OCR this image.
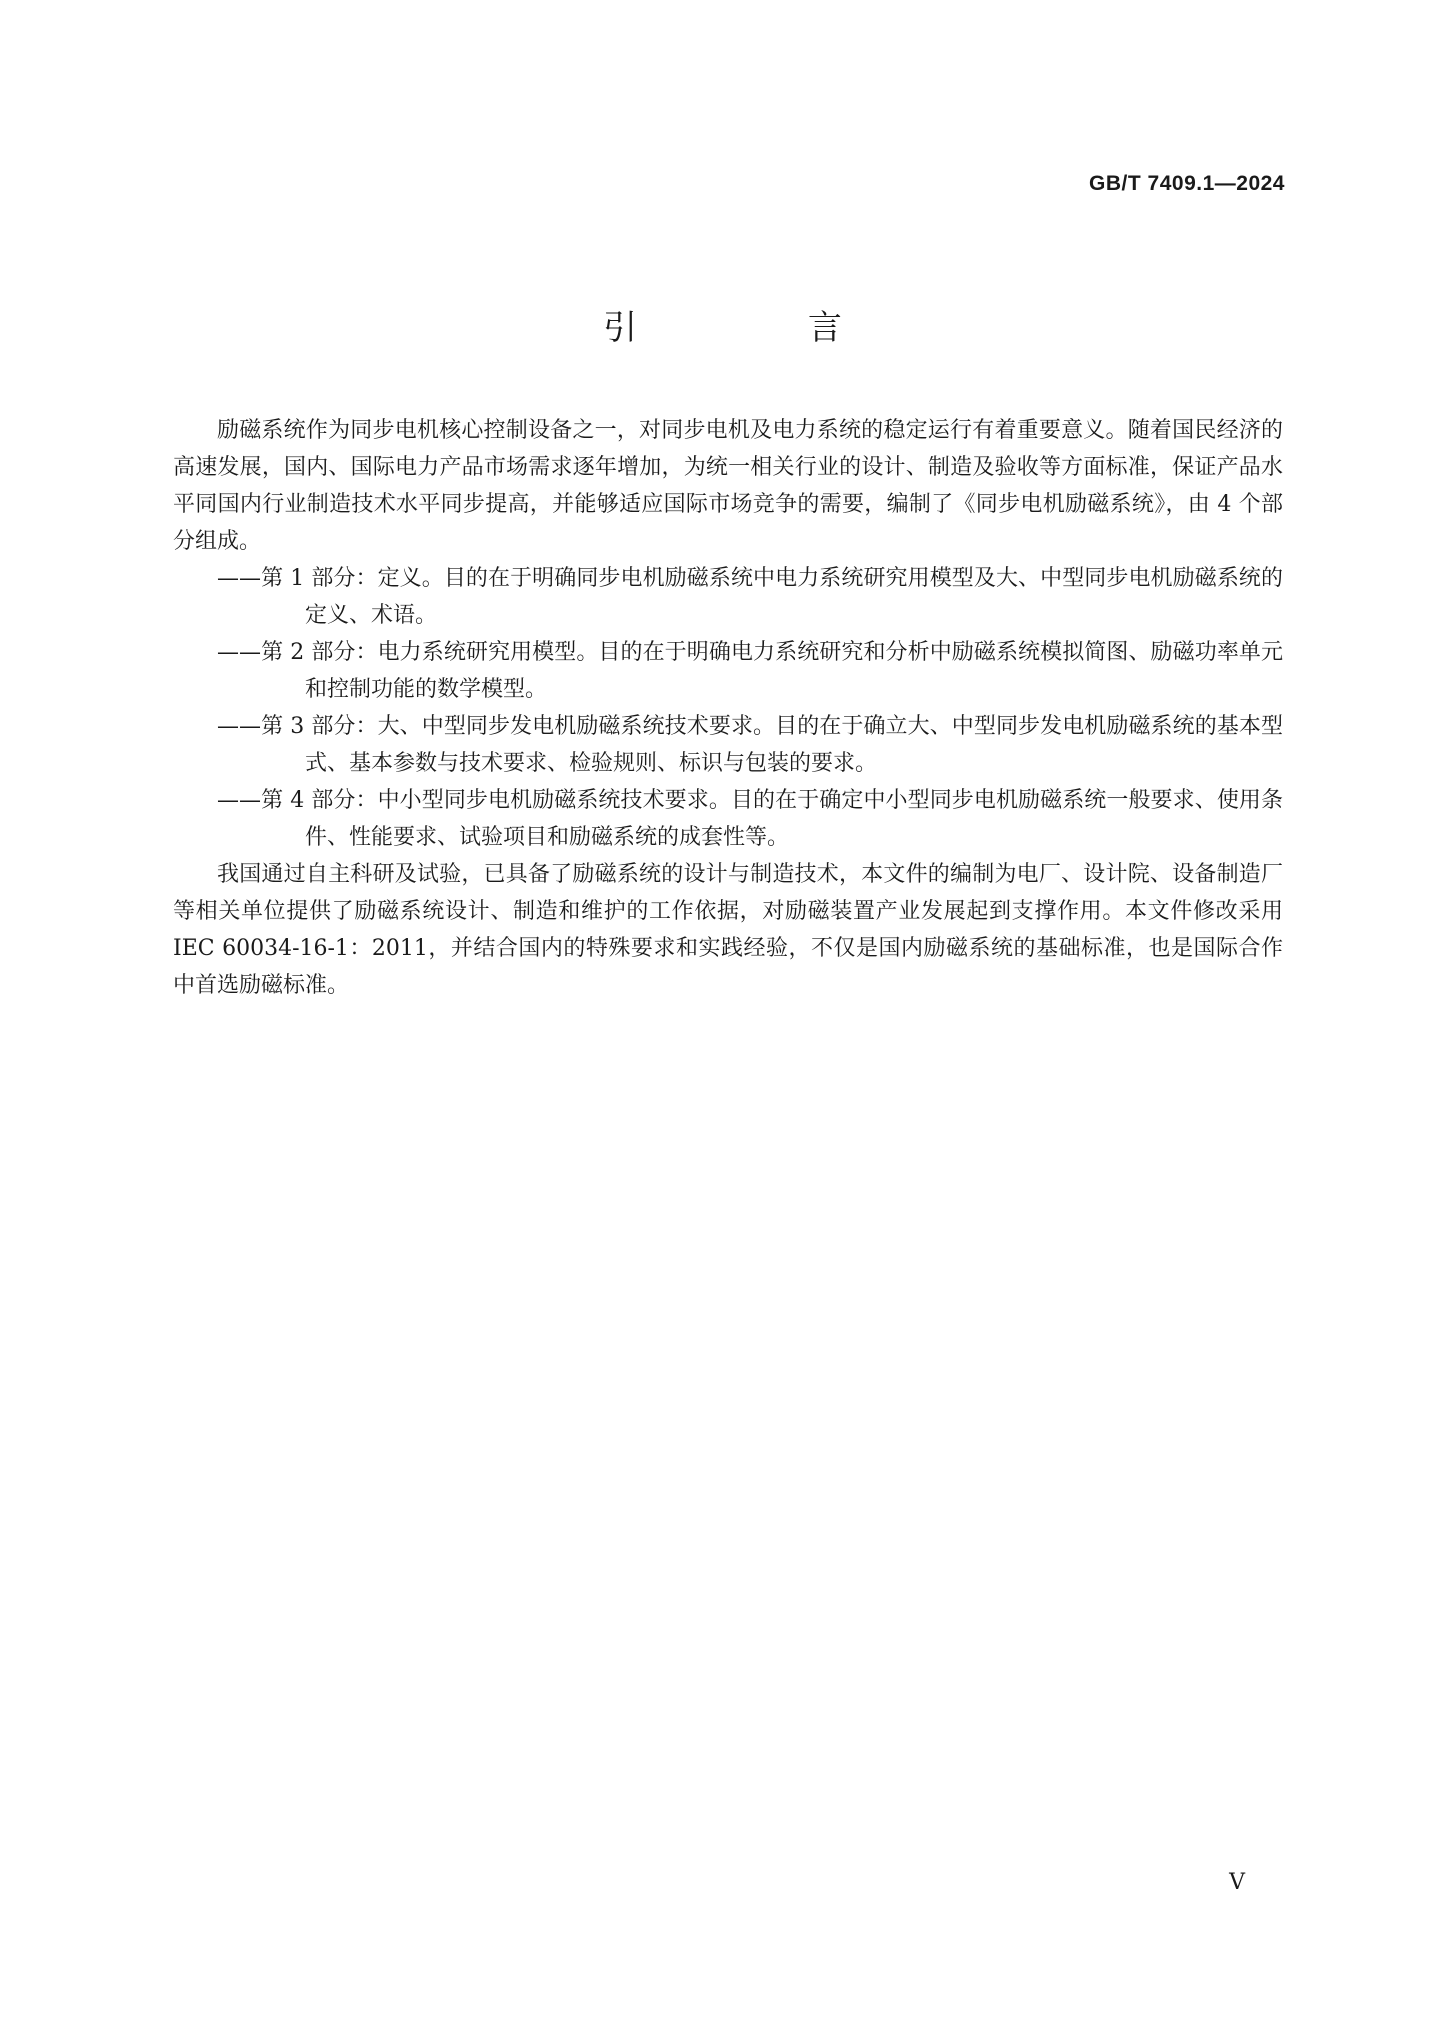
GB/T 7409.1—2024
引 言

励磁系统作为同步电机核心控制设备之一，对同步电机及电力系统的稳定运行有着重要意义。随着国民经济的高速发展，国内、国际电力产品市场需求逐年增加，为统一相关行业的设计、制造及验收等方面标准，保证产品水平同国内行业制造技术水平同步提高，并能够适应国际市场竞争的需要，编制了《同步电机励磁系统》，由 4 个部分组成。

——第 1 部分：定义。目的在于明确同步电机励磁系统中电力系统研究用模型及大、中型同步电机励磁系统的定义、术语。

——第 2 部分：电力系统研究用模型。目的在于明确电力系统研究和分析中励磁系统模拟简图、励磁功率单元和控制功能的数学模型。

——第 3 部分：大、中型同步发电机励磁系统技术要求。目的在于确立大、中型同步发电机励磁系统的基本型式、基本参数与技术要求、检验规则、标识与包装的要求。

——第 4 部分：中小型同步电机励磁系统技术要求。目的在于确定中小型同步电机励磁系统一般要求、使用条件、性能要求、试验项目和励磁系统的成套性等。

我国通过自主科研及试验，已具备了励磁系统的设计与制造技术，本文件的编制为电厂、设计院、设备制造厂等相关单位提供了励磁系统设计、制造和维护的工作依据，对励磁装置产业发展起到支撑作用。本文件修改采用 IEC 60034-16-1：2011，并结合国内的特殊要求和实践经验，不仅是国内励磁系统的基础标准，也是国际合作中首选励磁标准。

V
